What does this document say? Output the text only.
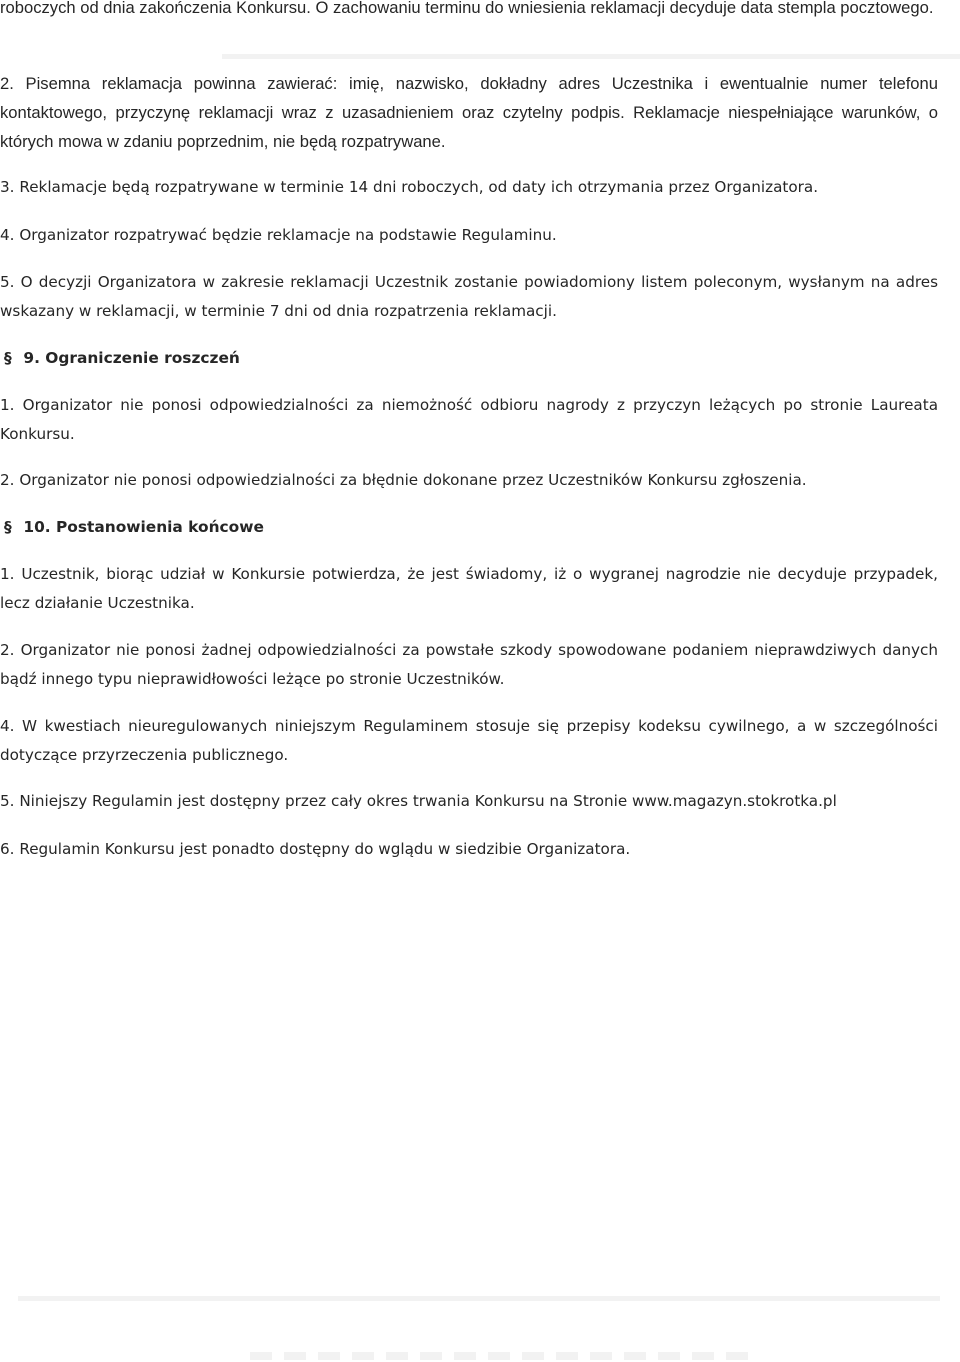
roboczych od dnia zakończenia Konkursu. O zachowaniu terminu do wniesienia reklamacji decyduje data stempla pocztowego.

2. Pisemna reklamacja powinna zawierać: imię, nazwisko, dokładny adres Uczestnika i ewentualnie numer telefonu kontaktowego, przyczynę reklamacji wraz z uzasadnieniem oraz czytelny podpis. Reklamacje niespełniające warunków, o których mowa w zdaniu poprzednim, nie będą rozpatrywane.

3. Reklamacje będą rozpatrywane w terminie 14 dni roboczych, od daty ich otrzymania przez Organizatora.

4. Organizator rozpatrywać będzie reklamacje na podstawie Regulaminu.

5. O decyzji Organizatora w zakresie reklamacji Uczestnik zostanie powiadomiony listem poleconym, wysłanym na adres wskazany w reklamacji, w terminie 7 dni od dnia rozpatrzenia reklamacji.

§ 9. Ograniczenie roszczeń

1. Organizator nie ponosi odpowiedzialności za niemożność odbioru nagrody z przyczyn leżących po stronie Laureata Konkursu.

2. Organizator nie ponosi odpowiedzialności za błędnie dokonane przez Uczestników Konkursu zgłoszenia.

§ 10. Postanowienia końcowe

1. Uczestnik, biorąc udział w Konkursie potwierdza, że jest świadomy, iż o wygranej nagrodzie nie decyduje przypadek, lecz działanie Uczestnika.

2. Organizator nie ponosi żadnej odpowiedzialności za powstałe szkody spowodowane podaniem nieprawdziwych danych bądź innego typu nieprawidłowości leżące po stronie Uczestników.

4. W kwestiach nieuregulowanych niniejszym Regulaminem stosuje się przepisy kodeksu cywilnego, a w szczególności dotyczące przyrzeczenia publicznego.

5. Niniejszy Regulamin jest dostępny przez cały okres trwania Konkursu na Stronie www.magazyn.stokrotka.pl

6. Regulamin Konkursu jest ponadto dostępny do wglądu w siedzibie Organizatora.
